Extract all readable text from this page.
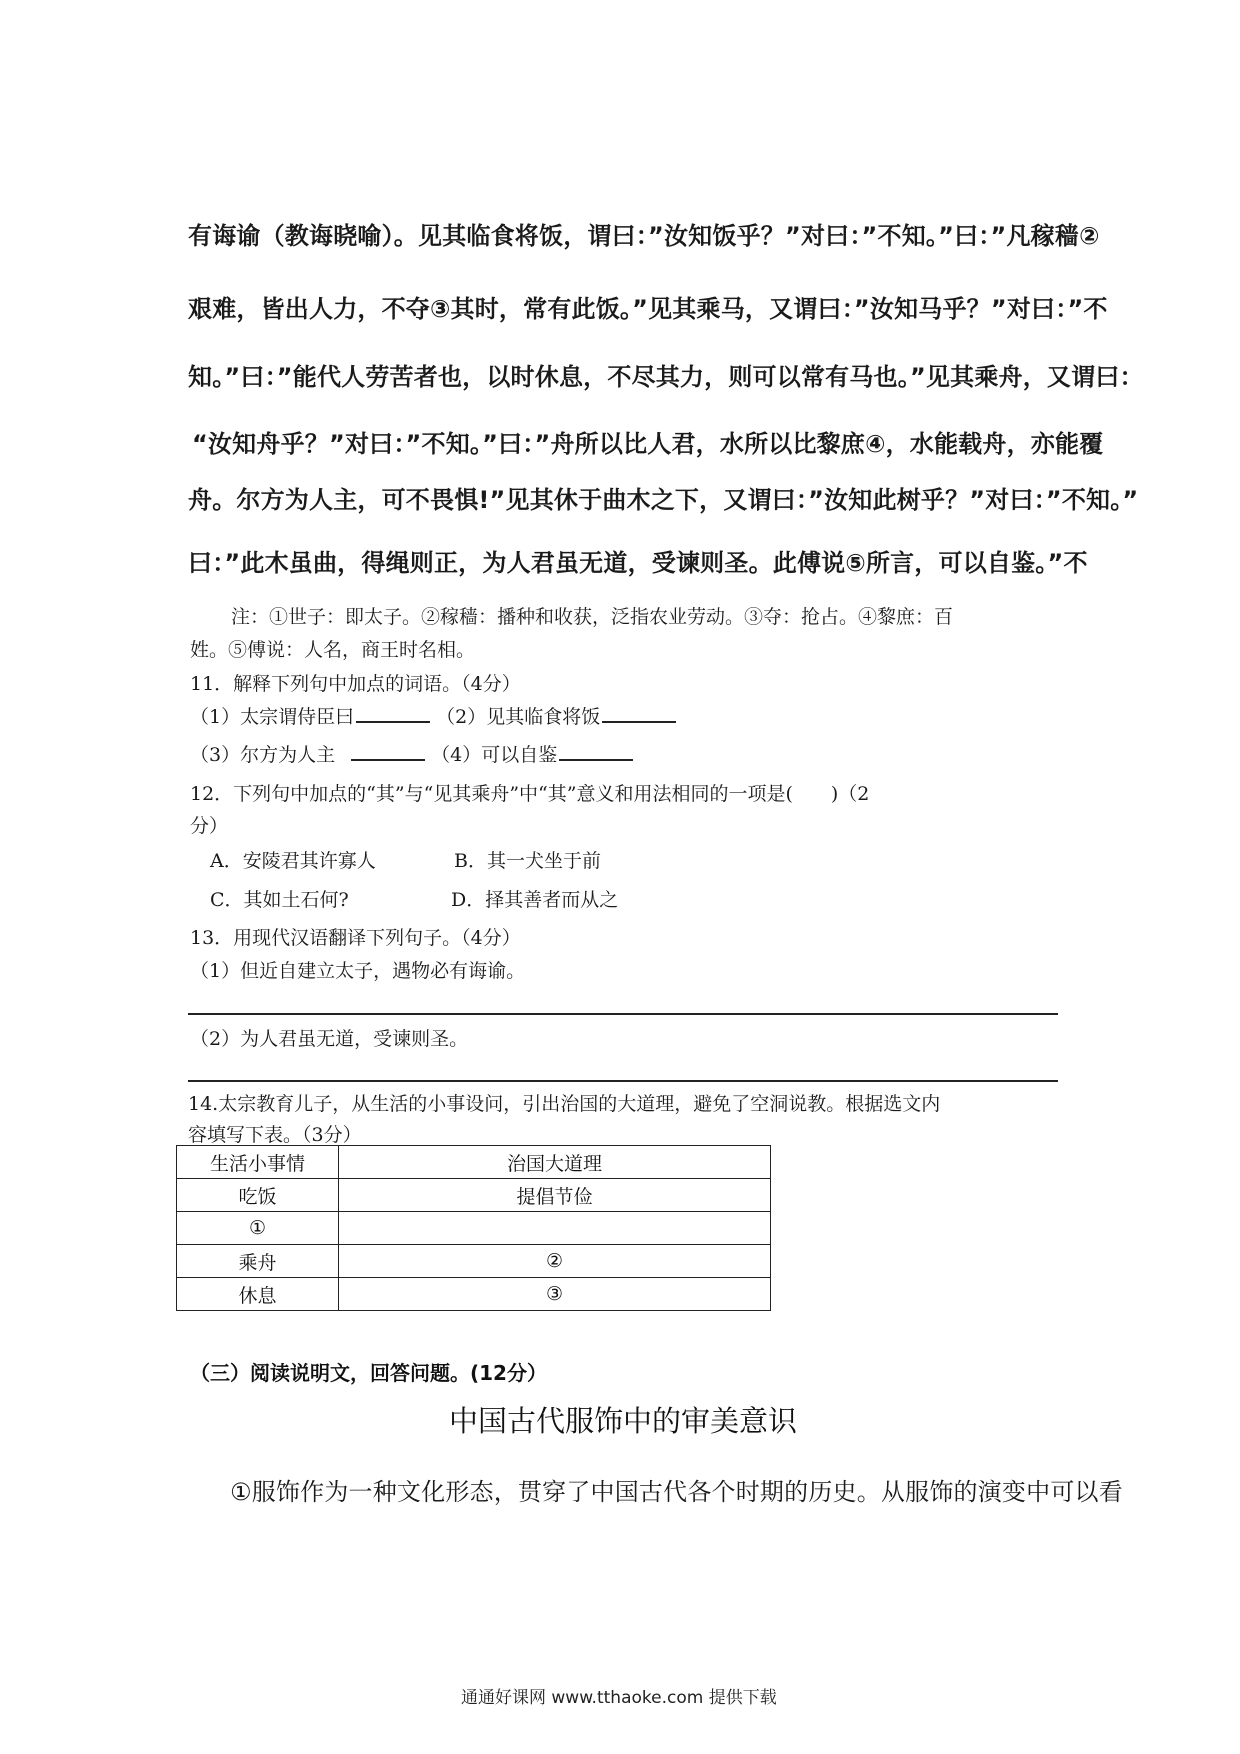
有诲谕（教诲晓喻）。见其临食将饭，谓曰：”汝知饭乎？”对曰：”不知。”曰：”凡稼穑②
艰难，皆出人力，不夺③其时，常有此饭。”见其乘马，又谓曰：”汝知马乎？”对曰：”不
知。”曰：”能代人劳苦者也，以时休息，不尽其力，则可以常有马也。”见其乘舟，又谓曰：
“汝知舟乎？”对曰：”不知。”曰：”舟所以比人君，水所以比黎庶④，水能载舟，亦能覆
舟。尔方为人主，可不畏惧!”见其休于曲木之下，又谓曰：”汝知此树乎？”对曰：”不知。”
曰：”此木虽曲，得绳则正，为人君虽无道，受谏则圣。此傅说⑤所言，可以自鉴。”不
注：①世子：即太子。②稼穑：播种和收获，泛指农业劳动。③夺：抢占。④黎庶：百
姓。⑤傅说：人名，商王时名相。
11．解释下列句中加点的词语。（4分）
（1）太宗谓侍臣曰	（2）见其临食将饭
（3）尔方为人主	（4）可以自鉴
12．下列句中加点的“其”与“见其乘舟”中“其”意义和用法相同的一项是(　　)（2
分）
A．安陵君其许寡人	B．其一犬坐于前
C．其如土石何?	D．择其善者而从之
13．用现代汉语翻译下列句子。（4分）
（1）但近自建立太子，遇物必有诲谕。
（2）为人君虽无道，受谏则圣。
14.太宗教育儿子，从生活的小事设问，引出治国的大道理，避免了空洞说教。根据选文内
容填写下表。（3分）
生活小事情	治国大道理
吃饭	提倡节俭
①	
乘舟	②
休息	③
（三）阅读说明文，回答问题。(12分）
中国古代服饰中的审美意识
①服饰作为一种文化形态，贯穿了中国古代各个时期的历史。从服饰的演变中可以看
通通好课网 www.tthaoke.com 提供下载
